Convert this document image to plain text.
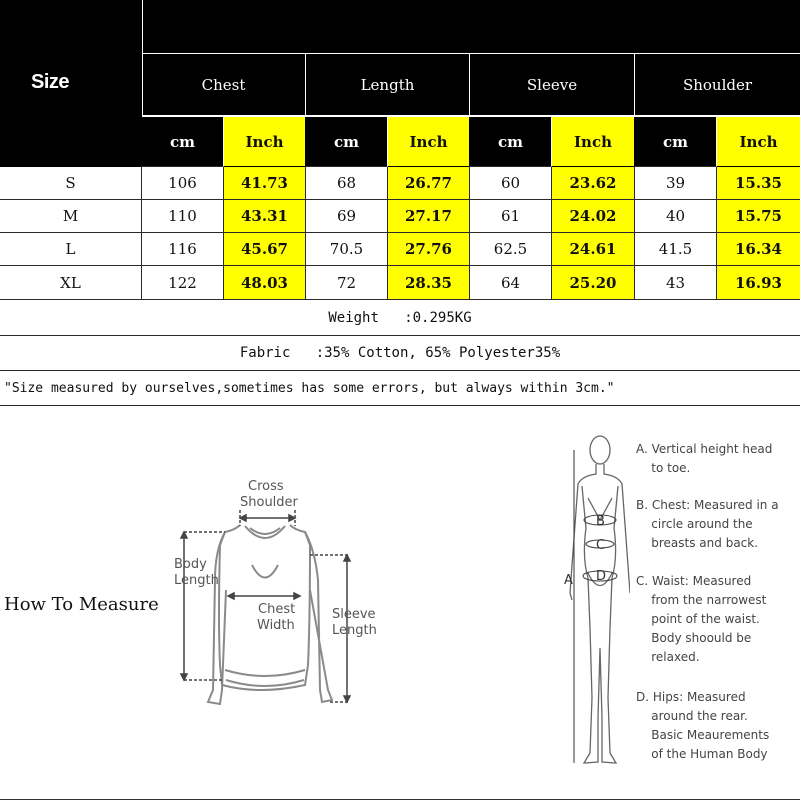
Size	Chest	Length	Sleeve	Shoulder
cm	Inch	cm	Inch	cm	Inch	cm	Inch
S	106	41.73	68	26.77	60	23.62	39	15.35
M	110	43.31	69	27.17	61	24.02	40	15.75
L	116	45.67	70.5	27.76	62.5	24.61	41.5	16.34
XL	122	48.03	72	28.35	64	25.20	43	16.93
Weight   :0.295KG
Fabric   :35% Cotton, 65% Polyester35%
"Size measured by ourselves,sometimes has some errors, but always within 3cm."
How To Measure
Cross
Shoulder
Body
Length
Chest
Width
Sleeve
Length
A
B
C
D
A. Vertical height head
to toe.
B. Chest: Measured in a
circle around the
breasts and back.
C. Waist: Measured
from the narrowest
point of the waist.
Body shoould be
relaxed.
D. Hips: Measured
around the rear.
Basic Meaurements
of the Human Body
